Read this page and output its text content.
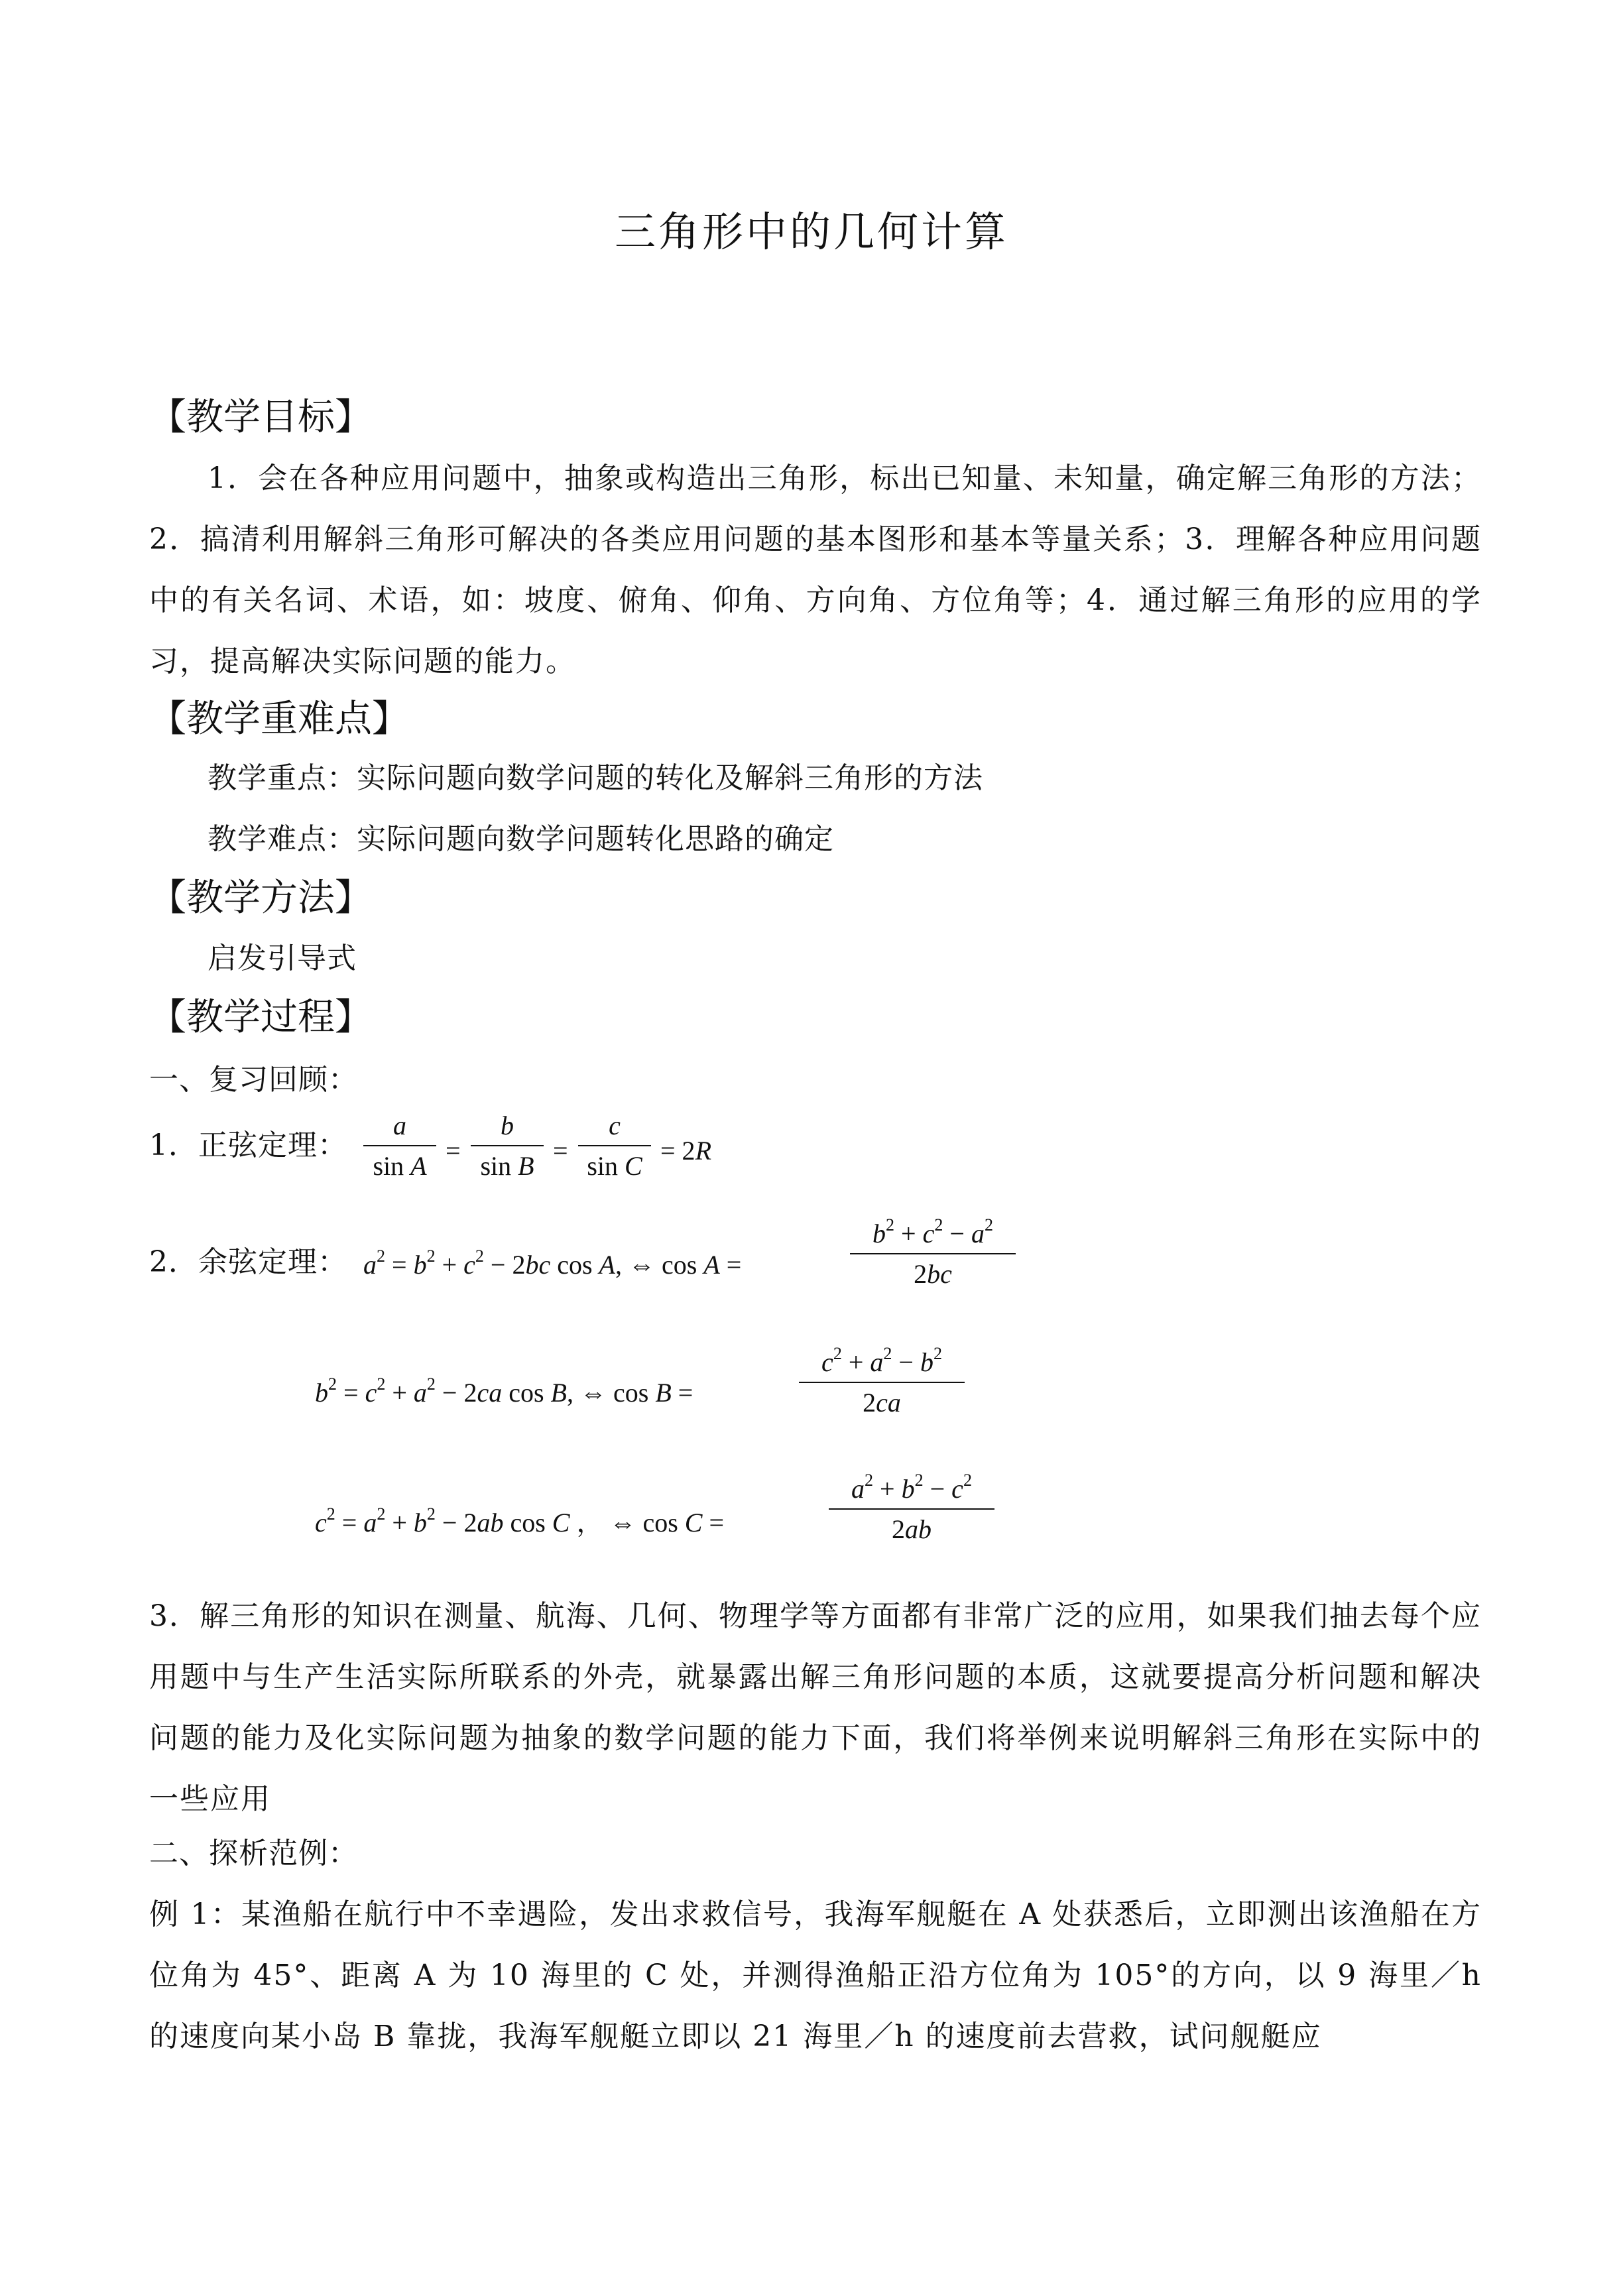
三角形中的几何计算
【教学目标】
1．会在各种应用问题中，抽象或构造出三角形，标出已知量、未知量，确定解三角形的方法；2．搞清利用解斜三角形可解决的各类应用问题的基本图形和基本等量关系；3．理解各种应用问题中的有关名词、术语，如：坡度、俯角、仰角、方向角、方位角等；4．通过解三角形的应用的学习，提高解决实际问题的能力。
【教学重难点】
教学重点：实际问题向数学问题的转化及解斜三角形的方法
教学难点：实际问题向数学问题转化思路的确定
【教学方法】
启发引导式
【教学过程】
一、复习回顾：
1．正弦定理：
a
sin A
=
b
sin B
=
c
sin C
= 2R
2．余弦定理： $a^2 = b^2 + c^2 - 2bc$ cos A, ⇔ cos A =
$b^2 + c^2 - a^2$
2bc
$b^2 = c^2 + a^2 - 2ca$ cos B, ⇔ cos B =
$c^2 + a^2 - b^2$
2ca
$c^2 = a^2 + b^2 - 2ab$ cos C ， ⇔ cos C =
$a^2 + b^2 - c^2$
2ab
3．解三角形的知识在测量、航海、几何、物理学等方面都有非常广泛的应用，如果我们抽去每个应用题中与生产生活实际所联系的外壳，就暴露出解三角形问题的本质，这就要提高分析问题和解决问题的能力及化实际问题为抽象的数学问题的能力下面，我们将举例来说明解斜三角形在实际中的一些应用
二、探析范例：
例 1：某渔船在航行中不幸遇险，发出求救信号，我海军舰艇在 A 处获悉后，立即测出该渔船在方位角为 45°、距离 A 为 10 海里的 C 处，并测得渔船正沿方位角为 105°的方向，以 9 海里／h 的速度向某小岛 B 靠拢，我海军舰艇立即以 21 海里／h 的速度前去营救，试问舰艇应
